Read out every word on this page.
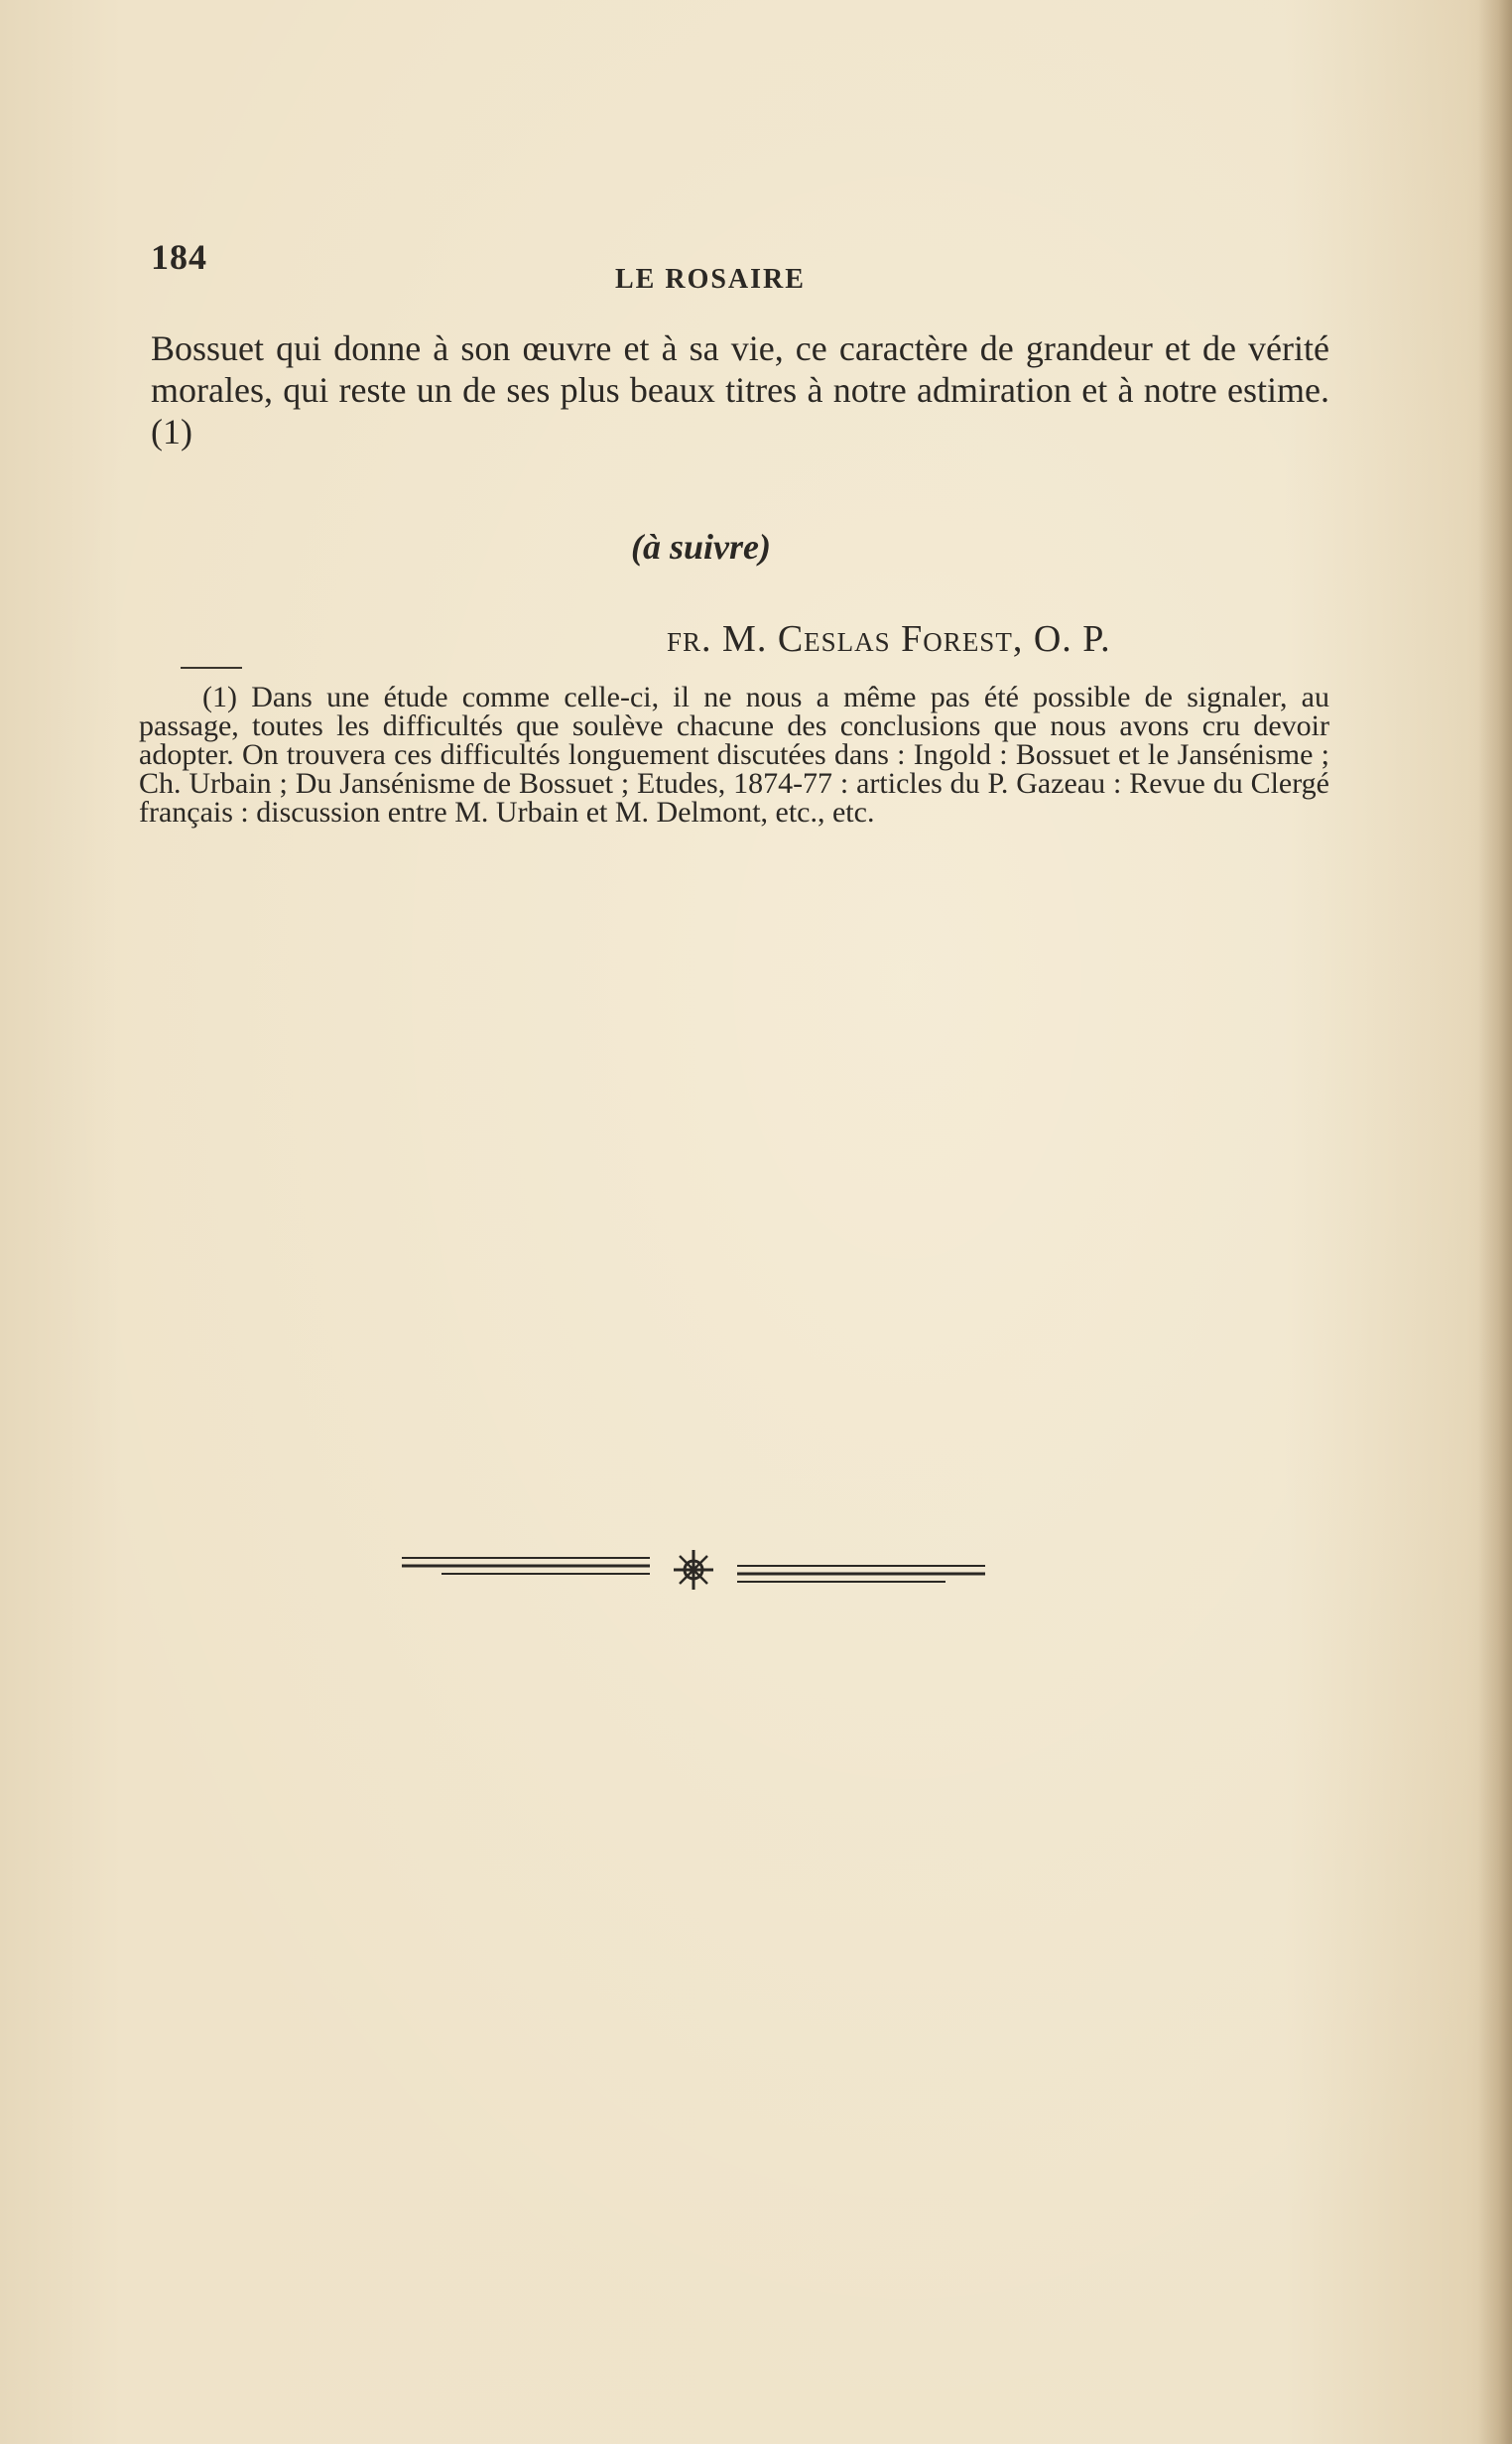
184
LE ROSAIRE

Bossuet qui donne à son œuvre et à sa vie, ce caractère de grandeur et de vérité morales, qui reste un de ses plus beaux titres à notre admiration et à notre estime. (1)

(à suivre)
fr. M. Ceslas Forest, O. P.

(1) Dans une étude comme celle-ci, il ne nous a même pas été possible de signaler, au passage, toutes les difficultés que soulève chacune des conclusions que nous avons cru devoir adopter. On trouvera ces difficultés longuement discutées dans : Ingold : Bossuet et le Jansénisme ; Ch. Urbain ; Du Jansénisme de Bossuet ; Etudes, 1874-77 : articles du P. Gazeau : Revue du Clergé français : discussion entre M. Urbain et M. Delmont, etc., etc.
